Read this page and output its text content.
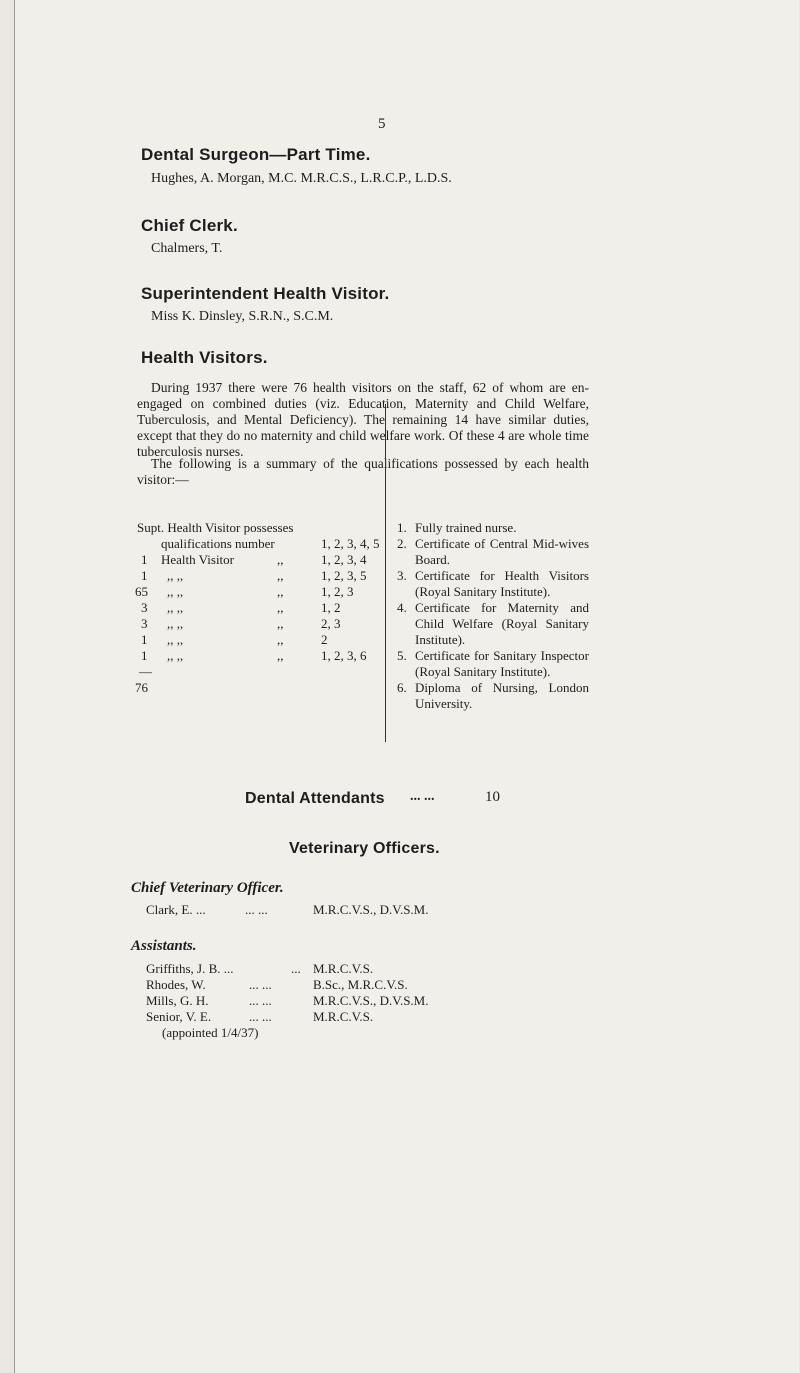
5
Dental Surgeon—Part Time.
Hughes, A. Morgan, M.C. M.R.C.S., L.R.C.P., L.D.S.
Chief Clerk.
Chalmers, T.
Superintendent Health Visitor.
Miss K. Dinsley, S.R.N., S.C.M.
Health Visitors.
During 1937 there were 76 health visitors on the staff, 62 of whom are en-engaged on combined duties (viz. Education, Maternity and Child Welfare, Tuberculosis, and Mental Deficiency). The remaining 14 have similar duties, except that they do no maternity and child welfare work. Of these 4 are whole time tuberculosis nurses.
The following is a summary of the qualifications possessed by each health visitor:—
Supt. Health Visitor possesses
qualifications number	1, 2, 3, 4, 5
1 Health Visitor	,,	1, 2, 3, 4
1 ,, ,,	,,	1, 2, 3, 5
65 ,, ,,	,,	1, 2, 3
3 ,, ,,	,,	1, 2
3 ,, ,,	,,	2, 3
1 ,, ,,	,,	2
1 ,, ,,	,,	1, 2, 3, 6
—
76
1. Fully trained nurse.
2. Certificate of Central Mid-wives Board.
3. Certificate for Health Visitors (Royal Sanitary Institute).
4. Certificate for Maternity and Child Welfare (Royal Sanitary Institute).
5. Certificate for Sanitary Inspector (Royal Sanitary Institute).
6. Diploma of Nursing, London University.
Dental Attendants ... ...	10
Veterinary Officers.
Chief Veterinary Officer.
Clark, E. ...	... ...	M.R.C.V.S., D.V.S.M.
Assistants.
Griffiths, J. B. ...	... M.R.C.V.S.
Rhodes, W.	... ...	B.Sc., M.R.C.V.S.
Mills, G. H.	... ...	M.R.C.V.S., D.V.S.M.
Senior, V. E.	... ...	M.R.C.V.S.
(appointed 1/4/37)
